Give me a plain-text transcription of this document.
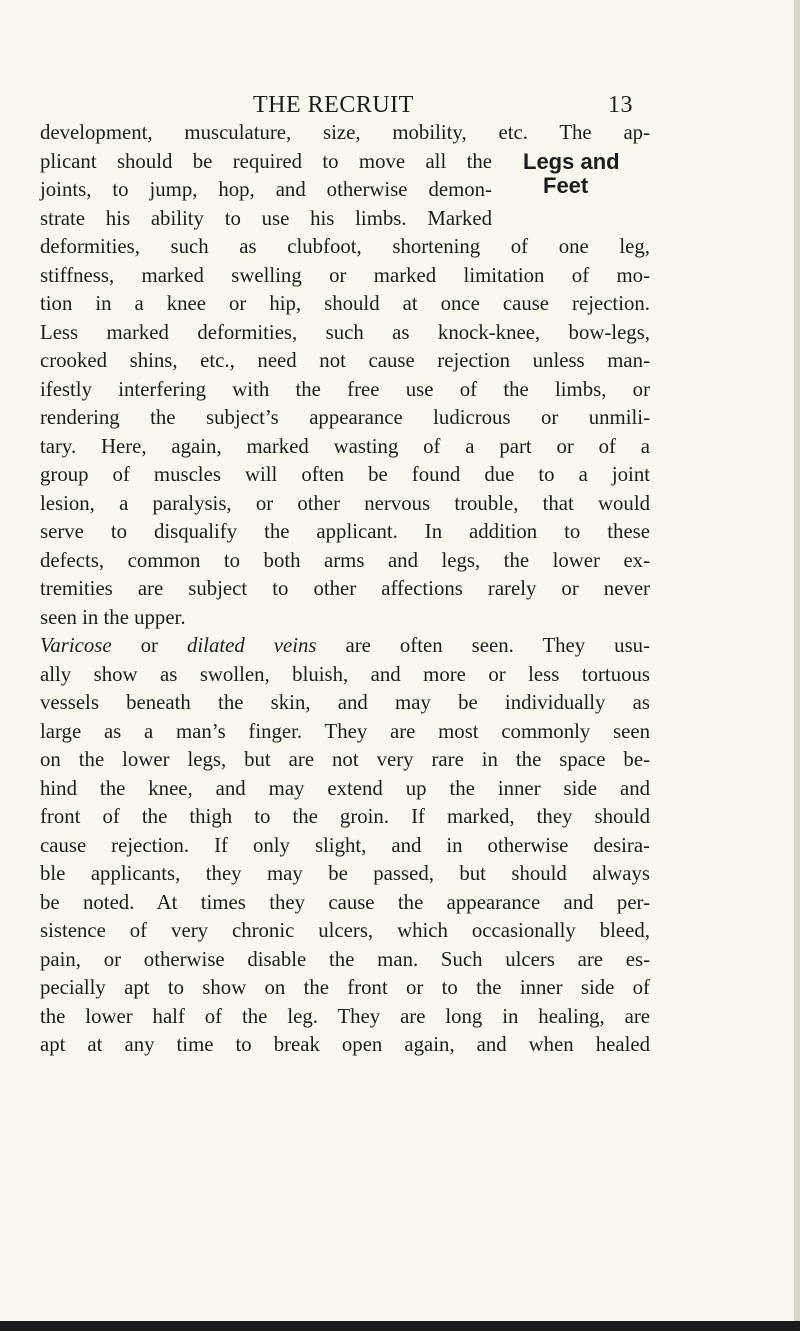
THE RECRUIT	13
Legs and
Feet
development, musculature, size, mobility, etc. The ap-
plicant should be required to move all the
joints, to jump, hop, and otherwise demon-
strate his ability to use his limbs. Marked
deformities, such as clubfoot, shortening of one leg,
stiffness, marked swelling or marked limitation of mo-
tion in a knee or hip, should at once cause rejection.
Less marked deformities, such as knock-knee, bow-legs,
crooked shins, etc., need not cause rejection unless man-
ifestly interfering with the free use of the limbs, or
rendering the subject’s appearance ludicrous or unmili-
tary. Here, again, marked wasting of a part or of a
group of muscles will often be found due to a joint
lesion, a paralysis, or other nervous trouble, that would
serve to disqualify the applicant. In addition to these
defects, common to both arms and legs, the lower ex-
tremities are subject to other affections rarely or never
seen in the upper.
Varicose or dilated veins are often seen. They usu-
ally show as swollen, bluish, and more or less tortuous
vessels beneath the skin, and may be individually as
large as a man’s finger. They are most commonly seen
on the lower legs, but are not very rare in the space be-
hind the knee, and may extend up the inner side and
front of the thigh to the groin. If marked, they should
cause rejection. If only slight, and in otherwise desira-
ble applicants, they may be passed, but should always
be noted. At times they cause the appearance and per-
sistence of very chronic ulcers, which occasionally bleed,
pain, or otherwise disable the man. Such ulcers are es-
pecially apt to show on the front or to the inner side of
the lower half of the leg. They are long in healing, are
apt at any time to break open again, and when healed
